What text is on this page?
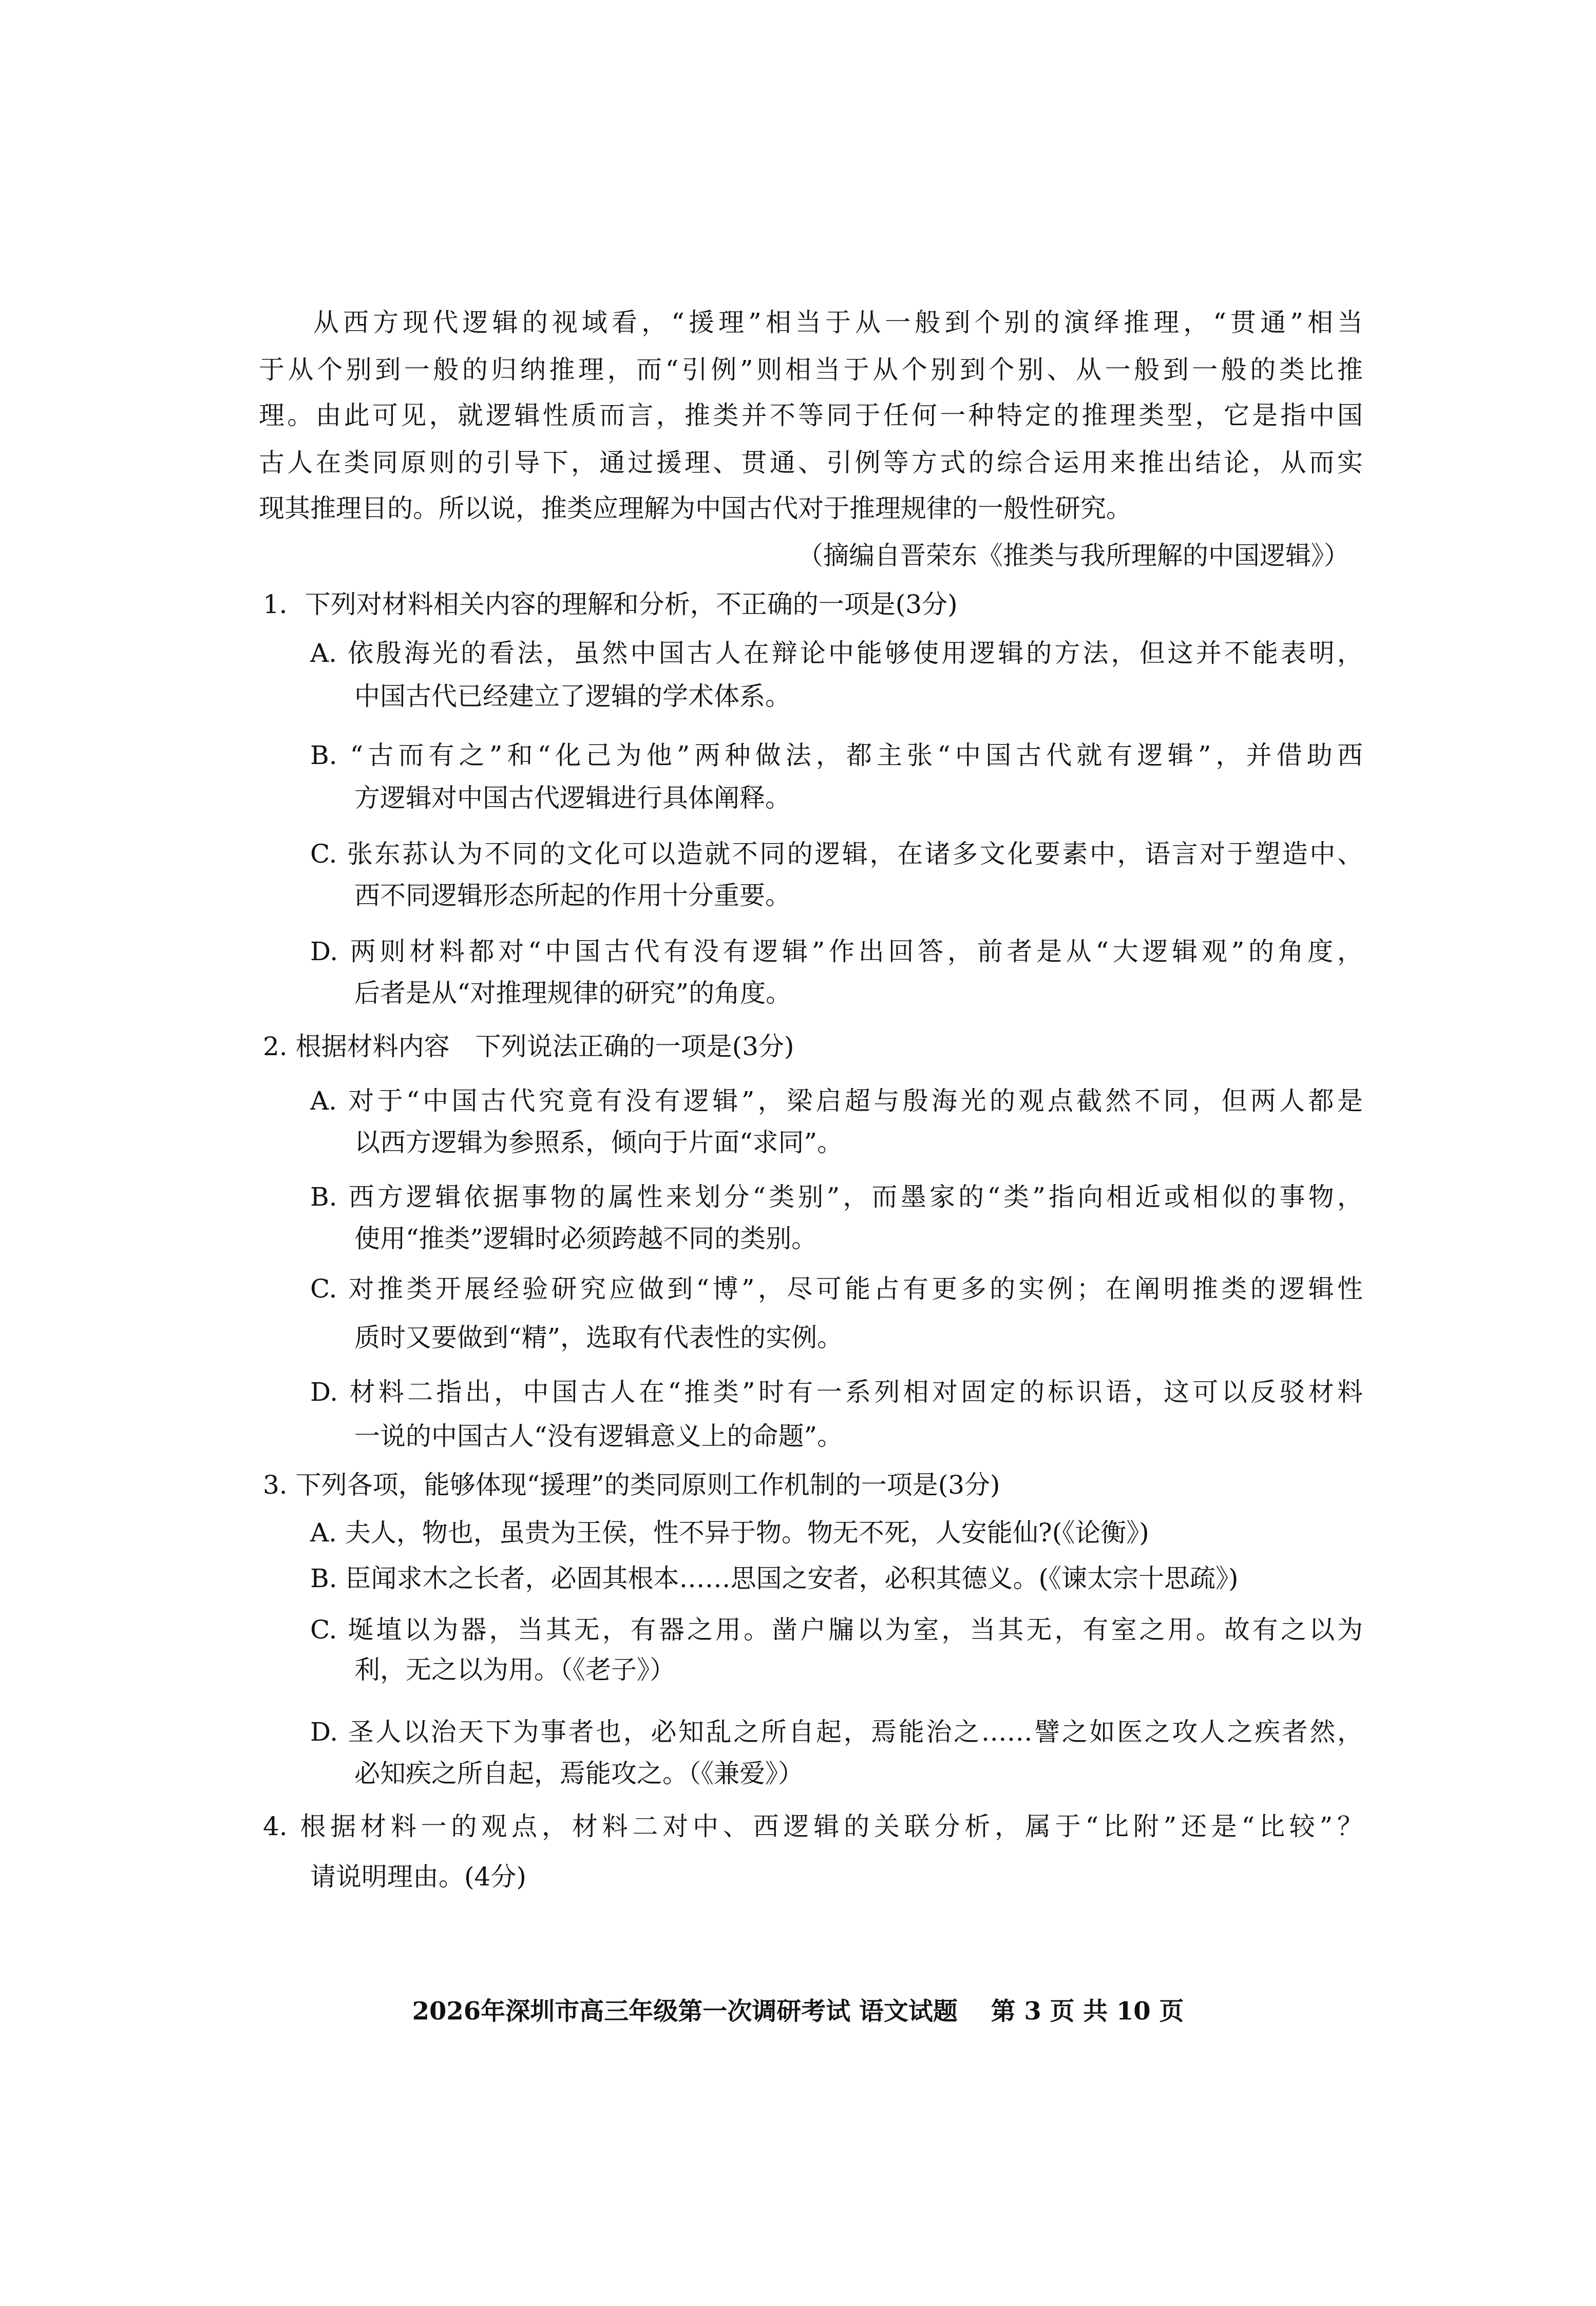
从西方现代逻辑的视域看，“援理”相当于从一般到个别的演绎推理，“贯通”相当
于从个别到一般的归纳推理，而“引例”则相当于从个别到个别、从一般到一般的类比推
理。由此可见，就逻辑性质而言，推类并不等同于任何一种特定的推理类型，它是指中国
古人在类同原则的引导下，通过援理、贯通、引例等方式的综合运用来推出结论，从而实
现其推理目的。所以说，推类应理解为中国古代对于推理规律的一般性研究。
（摘编自晋荣东《推类与我所理解的中国逻辑》）
1．下列对材料相关内容的理解和分析，不正确的一项是(3分)
A. 依殷海光的看法，虽然中国古人在辩论中能够使用逻辑的方法，但这并不能表明，
中国古代已经建立了逻辑的学术体系。
B. “古而有之”和“化己为他”两种做法，都主张“中国古代就有逻辑”，并借助西
方逻辑对中国古代逻辑进行具体阐释。
C. 张东荪认为不同的文化可以造就不同的逻辑，在诸多文化要素中，语言对于塑造中、
西不同逻辑形态所起的作用十分重要。
D. 两则材料都对“中国古代有没有逻辑”作出回答，前者是从“大逻辑观”的角度，
后者是从“对推理规律的研究”的角度。
2. 根据材料内容　下列说法正确的一项是(3分)
A. 对于“中国古代究竟有没有逻辑”，梁启超与殷海光的观点截然不同，但两人都是
以西方逻辑为参照系，倾向于片面“求同”。
B. 西方逻辑依据事物的属性来划分“类别”，而墨家的“类”指向相近或相似的事物，
使用“推类”逻辑时必须跨越不同的类别。
C. 对推类开展经验研究应做到“博”，尽可能占有更多的实例；在阐明推类的逻辑性
质时又要做到“精”，选取有代表性的实例。
D. 材料二指出，中国古人在“推类”时有一系列相对固定的标识语，这可以反驳材料
一说的中国古人“没有逻辑意义上的命题”。
3. 下列各项，能够体现“援理”的类同原则工作机制的一项是(3分)
A. 夫人，物也，虽贵为王侯，性不异于物。物无不死，人安能仙?(《论衡》)
B. 臣闻求木之长者，必固其根本……思国之安者，必积其德义。(《谏太宗十思疏》)
C. 埏埴以为器，当其无，有器之用。凿户牖以为室，当其无，有室之用。故有之以为
利，无之以为用。（《老子》）
D. 圣人以治天下为事者也，必知乱之所自起，焉能治之……譬之如医之攻人之疾者然，
必知疾之所自起，焉能攻之。（《兼爱》）
4. 根据材料一的观点，材料二对中、西逻辑的关联分析，属于“比附”还是“比较”？
请说明理由。(4分)
2026年深圳市高三年级第一次调研考试 语文试题　 第 3 页 共 10 页
